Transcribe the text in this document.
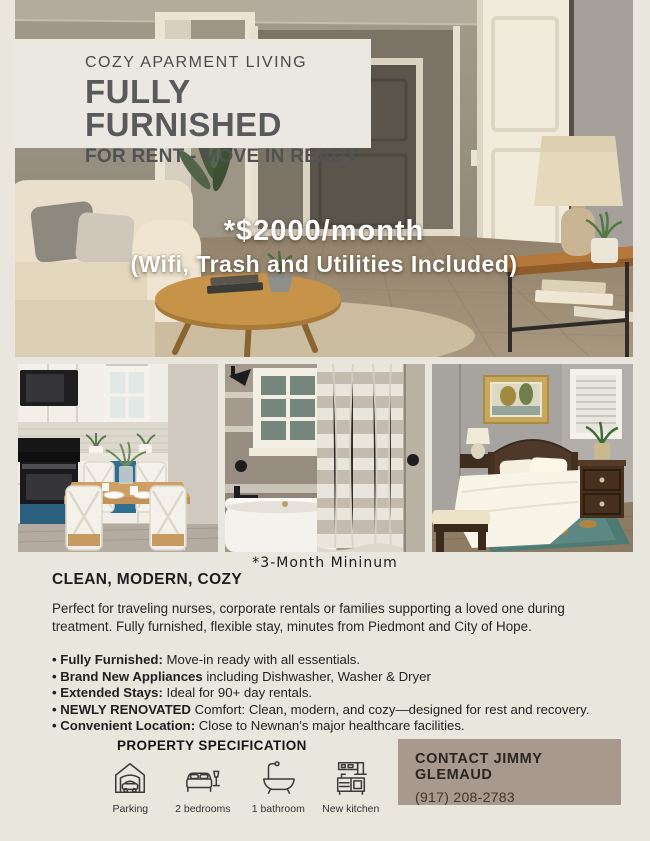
COZY APARMENT LIVING
FULLY FURNISHED
FOR RENT - MOVE IN READY
*$2000/month
(Wifi, Trash and Utilities Included)
*3-Month Mininum
CLEAN, MODERN, COZY

Perfect for traveling nurses, corporate rentals or families supporting a loved one during treatment. Fully furnished, flexible stay, minutes from Piedmont and City of Hope.

• Fully Furnished: Move-in ready with all essentials.
• Brand New Appliances including Dishwasher, Washer & Dryer
• Extended Stays: Ideal for 90+ day rentals.
• NEWLY RENOVATED Comfort: Clean, modern, and cozy—designed for rest and recovery.
• Convenient Location: Close to Newnan’s major healthcare facilities.
PROPERTY SPECIFICATION
Parking	2 bedrooms 1 bathroom New kitchen
CONTACT JIMMY GLEMAUD
(917) 208-2783
